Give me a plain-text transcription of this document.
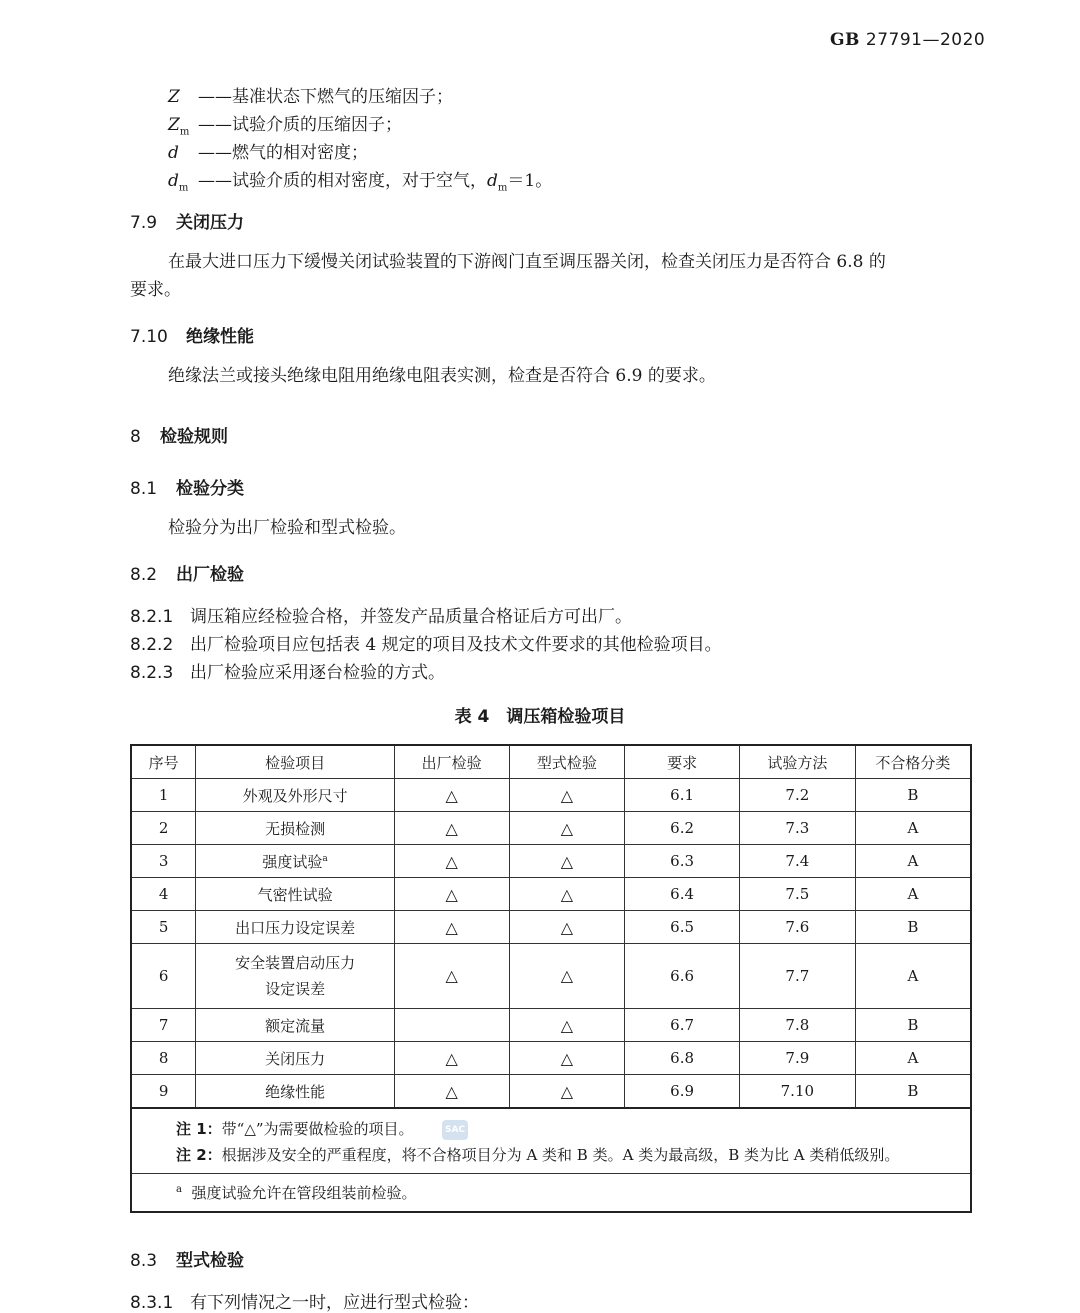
GB 27791—2020
Z ——基准状态下燃气的压缩因子；
$Z_m$ ——试验介质的压缩因子；
d ——燃气的相对密度；
$d_m$ ——试验介质的相对密度，对于空气，$d_m=1$。
7.9 关闭压力
在最大进口压力下缓慢关闭试验装置的下游阀门直至调压器关闭，检查关闭压力是否符合 6.8 的
要求。
7.10 绝缘性能
绝缘法兰或接头绝缘电阻用绝缘电阻表实测，检查是否符合 6.9 的要求。
8 检验规则
8.1 检验分类
检验分为出厂检验和型式检验。
8.2 出厂检验
8.2.1 调压箱应经检验合格，并签发产品质量合格证后方可出厂。
8.2.2 出厂检验项目应包括表 4 规定的项目及技术文件要求的其他检验项目。
8.2.3 出厂检验应采用逐台检验的方式。
表 4　调压箱检验项目
序号	检验项目	出厂检验	型式检验	要求	试验方法	不合格分类
1	外观及外形尺寸	△	△	6.1	7.2	B
2	无损检测	△	△	6.2	7.3	A
3	强度试验$^a$	△	△	6.3	7.4	A
4	气密性试验	△	△	6.4	7.5	A
5	出口压力设定误差	△	△	6.5	7.6	B
6	安全装置启动压力
设定误差	△	△	6.6	7.7	A
7	额定流量		△	6.7	7.8	B
8	关闭压力	△	△	6.8	7.9	A
9	绝缘性能	△	△	6.9	7.10	B
注 1：带“△”为需要做检验的项目。
注 2：根据涉及安全的严重程度，将不合格项目分为 A 类和 B 类。A 类为最高级，B 类为比 A 类稍低级别。
$^a$ 强度试验允许在管段组装前检验。
SAC
8.3 型式检验
8.3.1 有下列情况之一时，应进行型式检验：
